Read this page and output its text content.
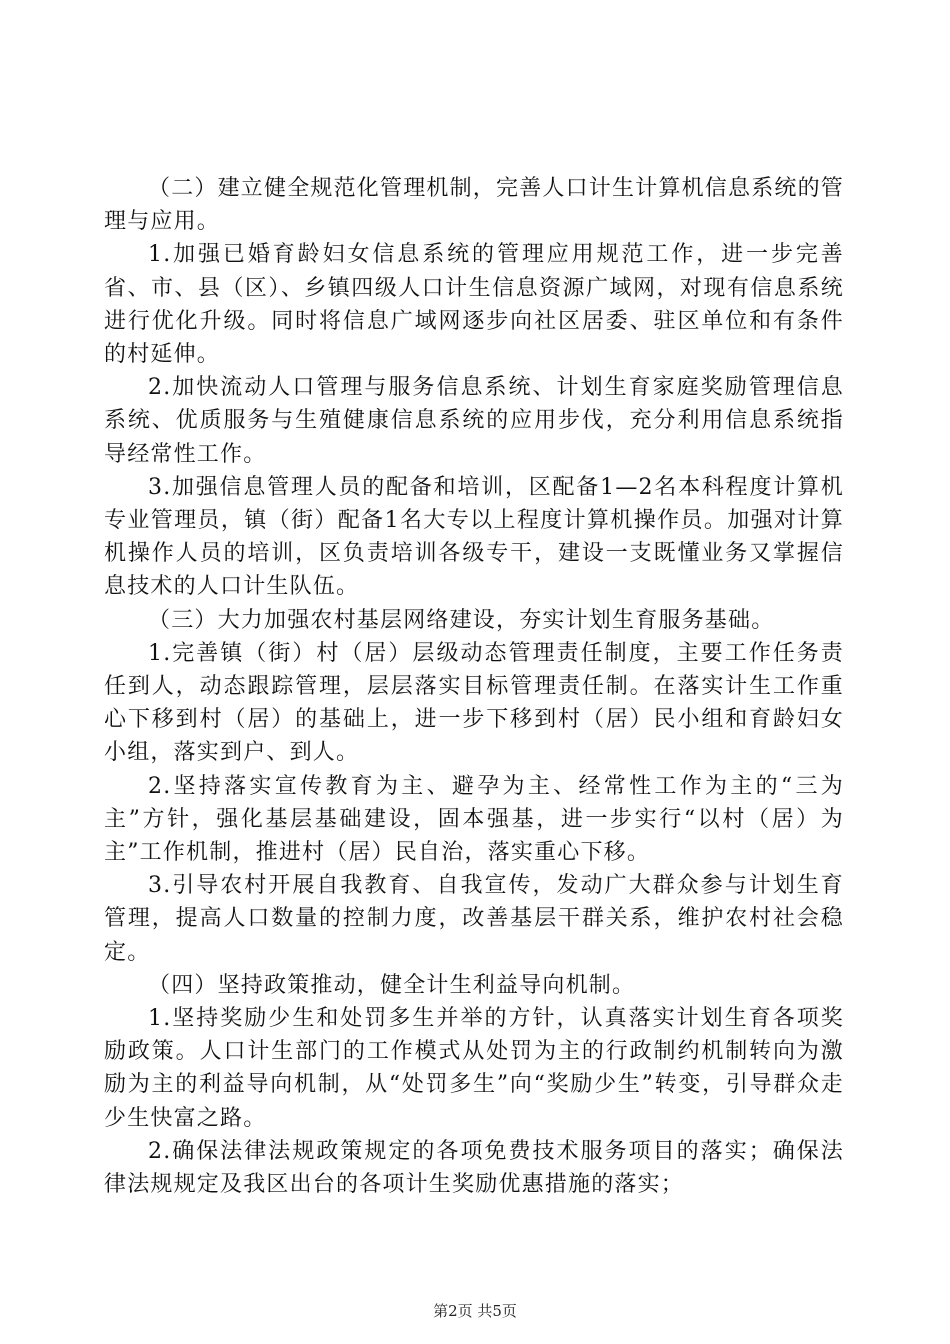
（二）建立健全规范化管理机制，完善人口计生计算机信息系统的管理与应用。

1.加强已婚育龄妇女信息系统的管理应用规范工作，进一步完善省、市、县（区）、乡镇四级人口计生信息资源广域网，对现有信息系统进行优化升级。同时将信息广域网逐步向社区居委、驻区单位和有条件的村延伸。

2.加快流动人口管理与服务信息系统、计划生育家庭奖励管理信息系统、优质服务与生殖健康信息系统的应用步伐，充分利用信息系统指导经常性工作。

3.加强信息管理人员的配备和培训，区配备1—2名本科程度计算机专业管理员，镇（街）配备1名大专以上程度计算机操作员。加强对计算机操作人员的培训，区负责培训各级专干，建设一支既懂业务又掌握信息技术的人口计生队伍。

（三）大力加强农村基层网络建设，夯实计划生育服务基础。

1.完善镇（街）村（居）层级动态管理责任制度，主要工作任务责任到人，动态跟踪管理，层层落实目标管理责任制。在落实计生工作重心下移到村（居）的基础上，进一步下移到村（居）民小组和育龄妇女小组，落实到户、到人。

2.坚持落实宣传教育为主、避孕为主、经常性工作为主的“三为主”方针，强化基层基础建设，固本强基，进一步实行“以村（居）为主”工作机制，推进村（居）民自治，落实重心下移。

3.引导农村开展自我教育、自我宣传，发动广大群众参与计划生育管理，提高人口数量的控制力度，改善基层干群关系，维护农村社会稳定。

（四）坚持政策推动，健全计生利益导向机制。

1.坚持奖励少生和处罚多生并举的方针，认真落实计划生育各项奖励政策。人口计生部门的工作模式从处罚为主的行政制约机制转向为激励为主的利益导向机制，从“处罚多生”向“奖励少生”转变，引导群众走少生快富之路。

2.确保法律法规政策规定的各项免费技术服务项目的落实；确保法律法规规定及我区出台的各项计生奖励优惠措施的落实；

第2页 共5页
